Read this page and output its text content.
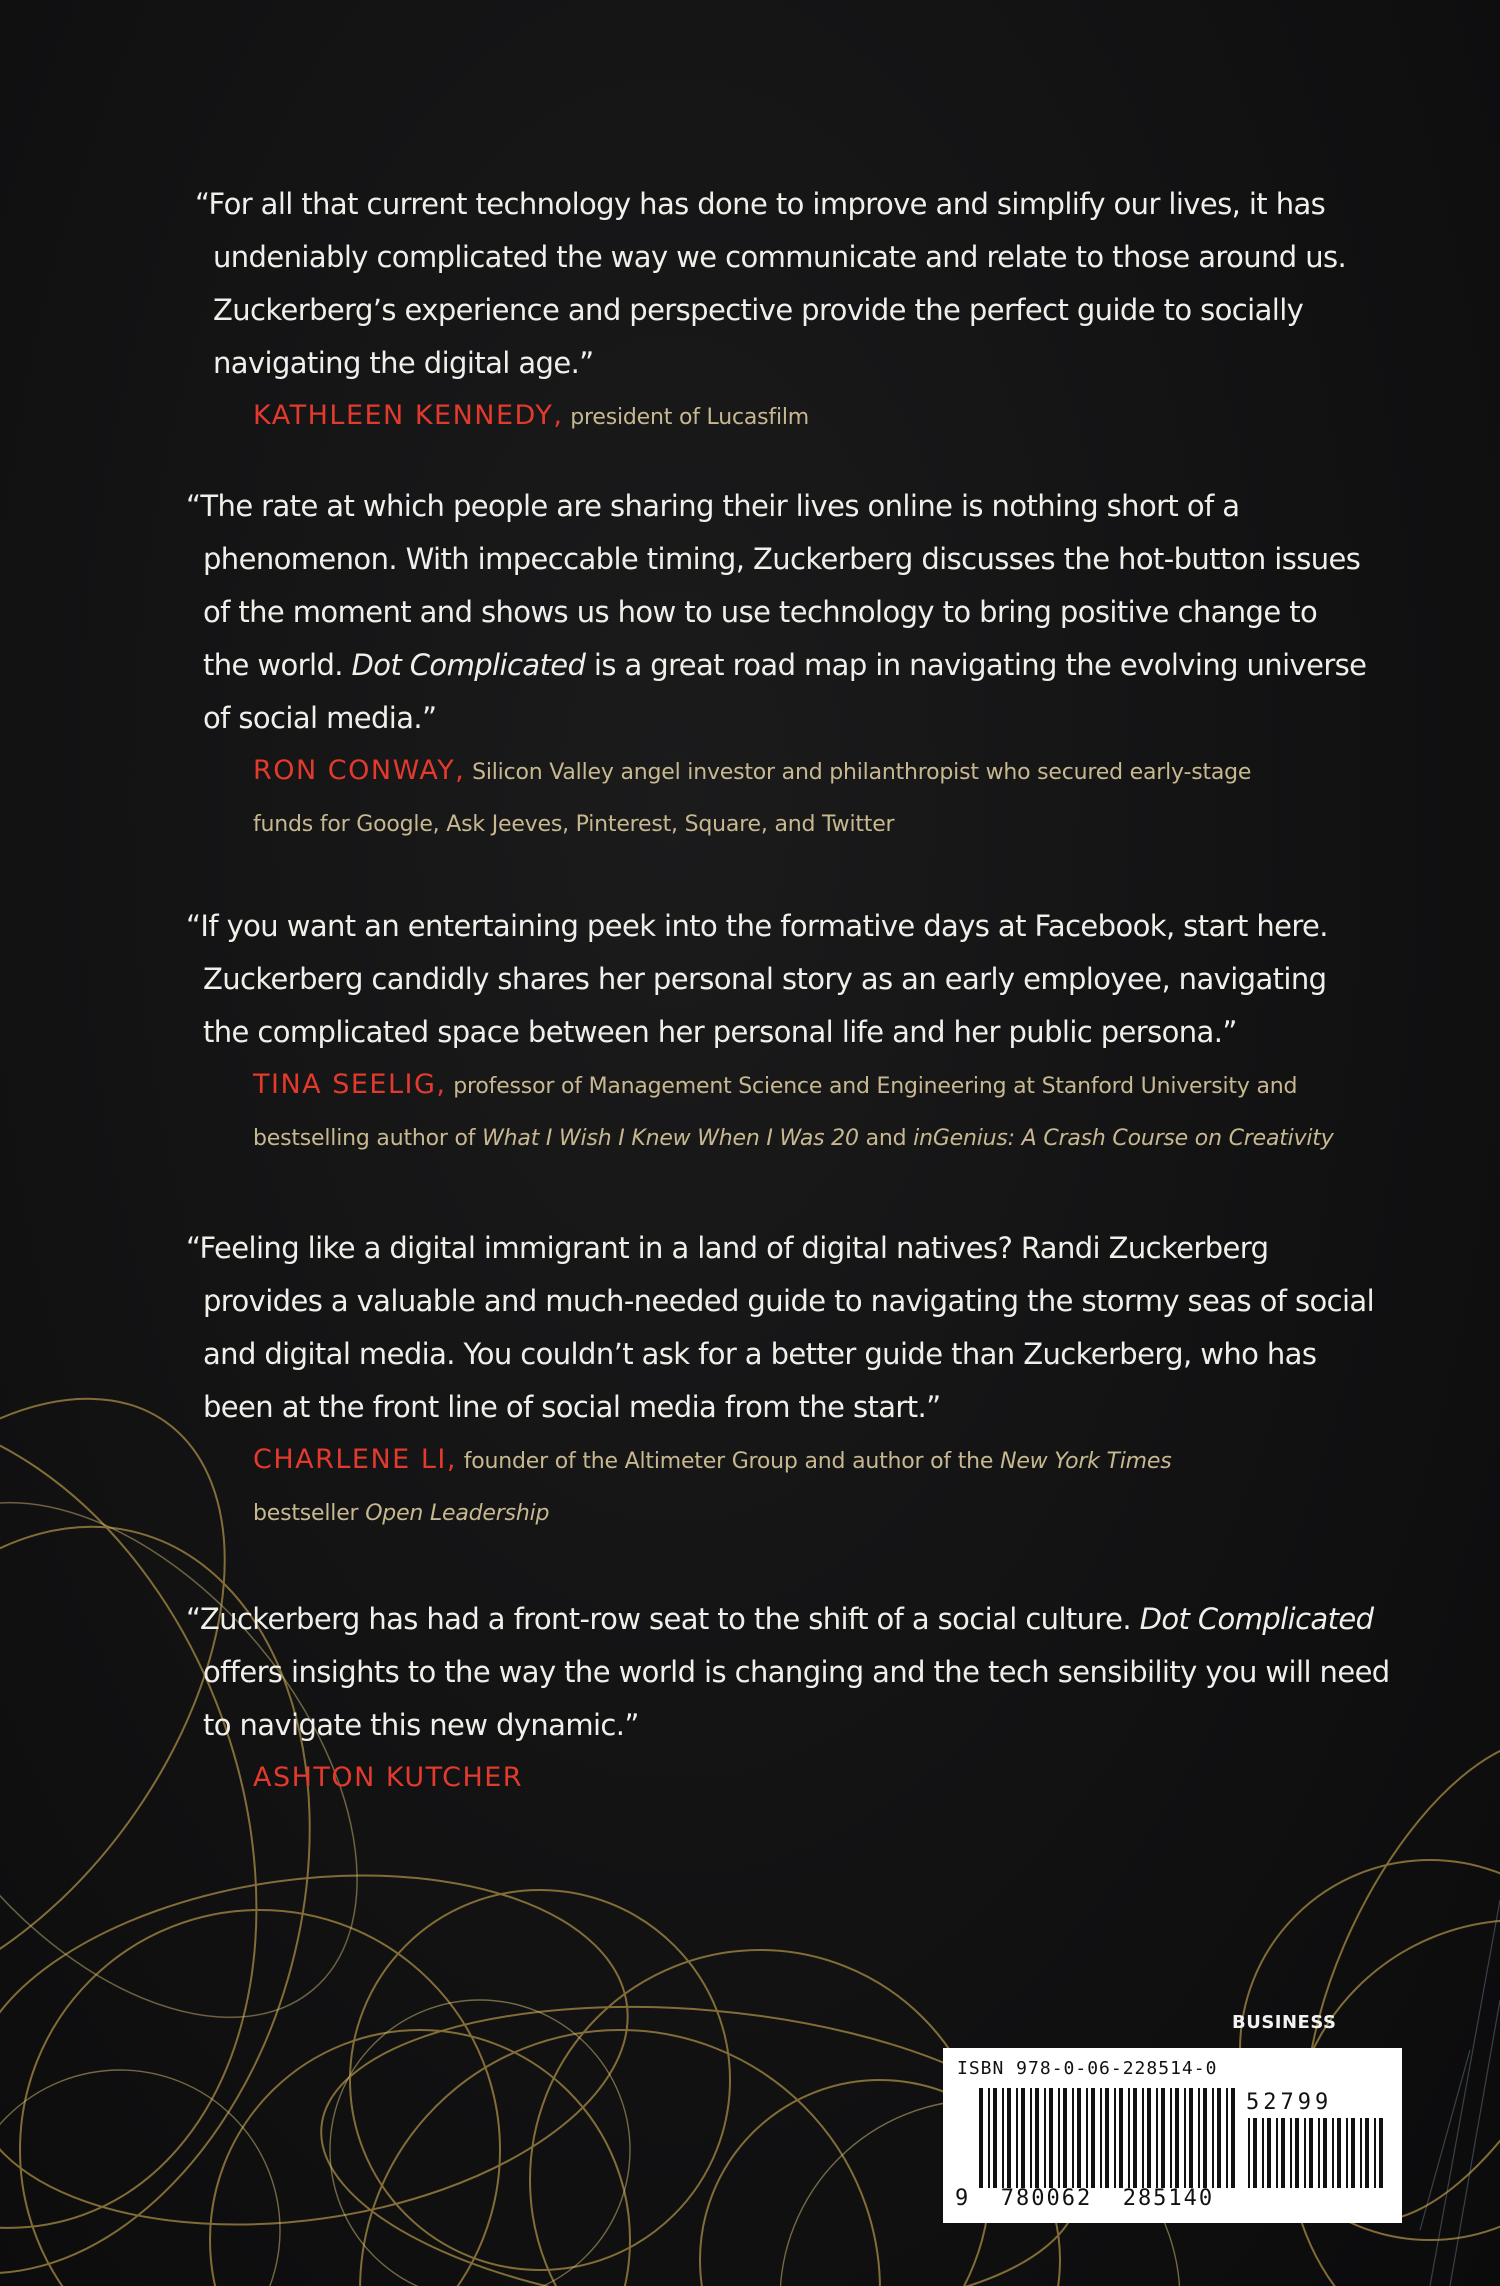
“For all that current technology has done to improve and simplify our lives, it has
undeniably complicated the way we communicate and relate to those around us.
Zuckerberg’s experience and perspective provide the perfect guide to socially
navigating the digital age.”

KATHLEEN KENNEDY, president of Lucasfilm

“The rate at which people are sharing their lives online is nothing short of a
phenomenon. With impeccable timing, Zuckerberg discusses the hot-button issues
of the moment and shows us how to use technology to bring positive change to
the world. Dot Complicated is a great road map in navigating the evolving universe
of social media.”

RON CONWAY, Silicon Valley angel investor and philanthropist who secured early-stage
funds for Google, Ask Jeeves, Pinterest, Square, and Twitter

“If you want an entertaining peek into the formative days at Facebook, start here.
Zuckerberg candidly shares her personal story as an early employee, navigating
the complicated space between her personal life and her public persona.”

TINA SEELIG, professor of Management Science and Engineering at Stanford University and
bestselling author of What I Wish I Knew When I Was 20 and inGenius: A Crash Course on Creativity

“Feeling like a digital immigrant in a land of digital natives? Randi Zuckerberg
provides a valuable and much-needed guide to navigating the stormy seas of social
and digital media. You couldn’t ask for a better guide than Zuckerberg, who has
been at the front line of social media from the start.”

CHARLENE LI, founder of the Altimeter Group and author of the New York Times
bestseller Open Leadership

“Zuckerberg has had a front-row seat to the shift of a social culture. Dot Complicated
offers insights to the way the world is changing and the tech sensibility you will need
to navigate this new dynamic.”

ASHTON KUTCHER
BUSINESS
ISBN 978-0-06-228514-0
52799
9  780062  285140
